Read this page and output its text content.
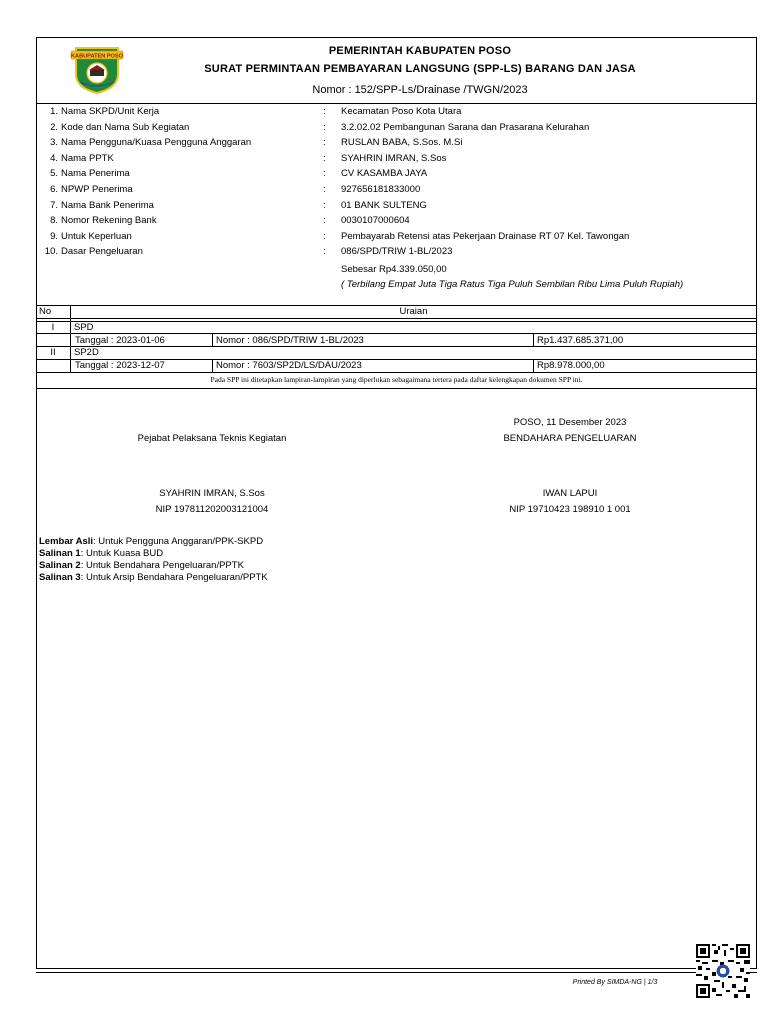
KABUPATEN POSO	PEMERINTAH KABUPATEN POSO
SURAT PERMINTAAN PEMBAYARAN LANGSUNG (SPP-LS) BARANG DAN JASA
Nomor : 152/SPP-Ls/Drainase /TWGN/2023
1. Nama SKPD/Unit Kerja	: Kecamatan Poso Kota Utara
2. Kode dan Nama Sub Kegiatan	: 3.2.02.02 Pembangunan Sarana dan Prasarana Kelurahan
3. Nama Pengguna/Kuasa Pengguna Anggaran	: RUSLAN BABA, S.Sos. M.Si
4. Nama PPTK	: SYAHRIN IMRAN, S.Sos
5. Nama Penerima	: CV KASAMBA JAYA
6. NPWP Penerima	: 927656181833000
7. Nama Bank Penerima	: 01 BANK SULTENG
8. Nomor Rekening Bank	: 0030107000604
9. Untuk Keperluan	: Pembayarab Retensi atas Pekerjaan Drainase RT 07 Kel. Tawongan
10. Dasar Pengeluaran	: 086/SPD/TRIW 1-BL/2023
Sebesar Rp4.339.050,00
( Terbilang Empat Juta Tiga Ratus Tiga Puluh Sembilan Ribu Lima Puluh Rupiah)
No	Uraian
I	SPD
Tanggal : 2023-01-06	Nomor : 086/SPD/TRIW 1-BL/2023	Rp1.437.685.371,00
II	SP2D
Tanggal : 2023-12-07	Nomor : 7603/SP2D/LS/DAU/2023	Rp8.978.000,00
Pada SPP ini ditetapkan lampiran-lampiran yang diperlukan sebagaimana tertera pada daftar kelengkapan dokumen SPP ini.
POSO, 11 Desember 2023
Pejabat Pelaksana Teknis Kegiatan	BENDAHARA PENGELUARAN
SYAHRIN IMRAN, S.Sos	IWAN LAPUI
NIP 197811202003121004	NIP 19710423 198910 1 001
Lembar Asli: Untuk Pengguna Anggaran/PPK-SKPD
Salinan 1: Untuk Kuasa BUD
Salinan 2: Untuk Bendahara Pengeluaran/PPTK
Salinan 3: Untuk Arsip Bendahara Pengeluaran/PPTK
Printed By SIMDA-NG | 1/3
